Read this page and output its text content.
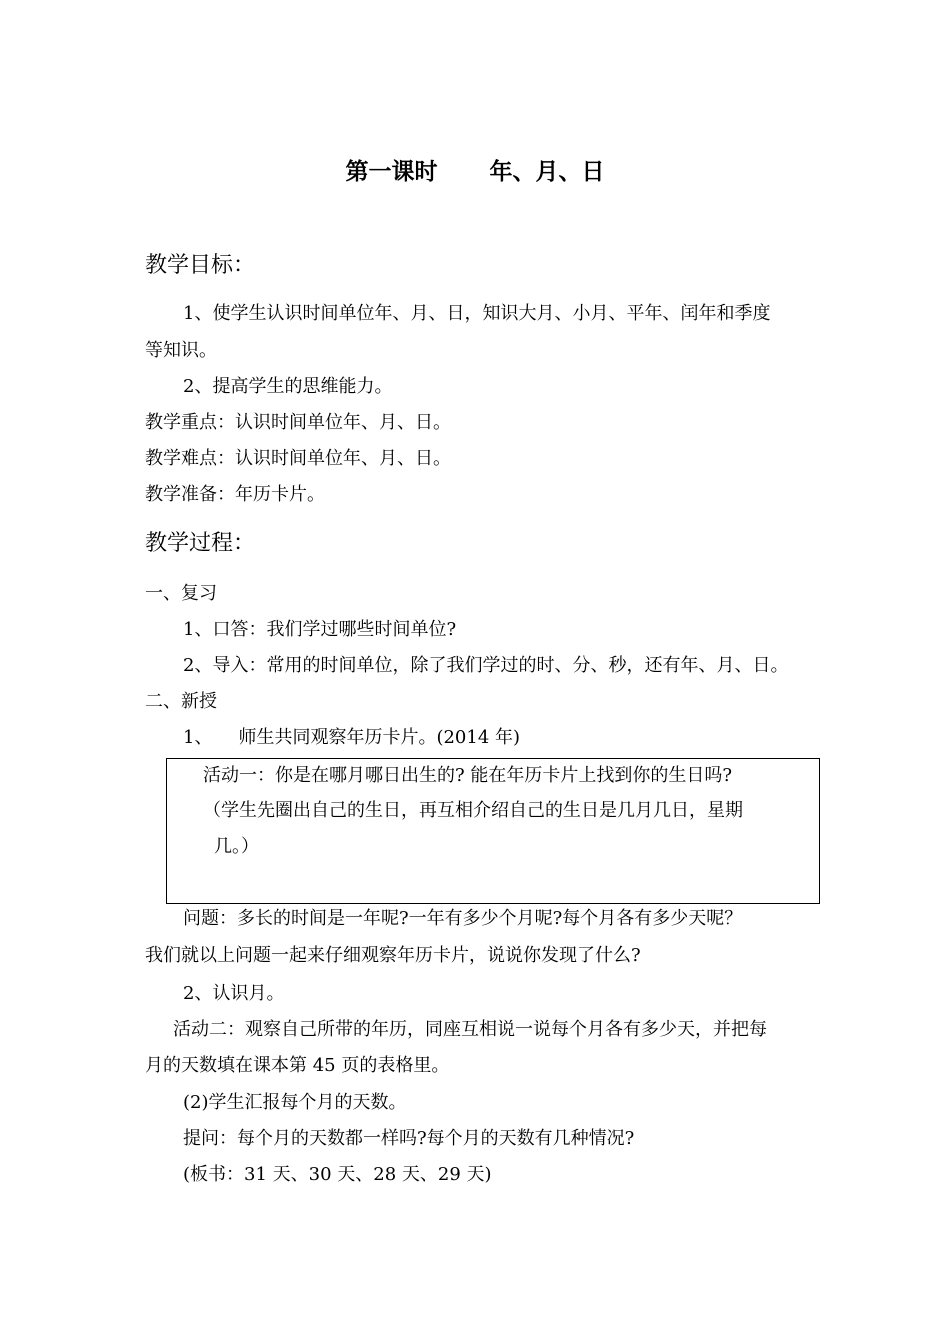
第一课时 年、月、日
教学目标：
1、使学生认识时间单位年、月、日，知识大月、小月、平年、闰年和季度
等知识。
2、提高学生的思维能力。
教学重点：认识时间单位年、月、日。
教学难点：认识时间单位年、月、日。
教学准备：年历卡片。
教学过程：
一、复习
1、口答：我们学过哪些时间单位?
2、导入：常用的时间单位，除了我们学过的时、分、秒，还有年、月、日。
二、新授
1、 师生共同观察年历卡片。(2014 年)
活动一：你是在哪月哪日出生的? 能在年历卡片上找到你的生日吗?
（学生先圈出自己的生日，再互相介绍自己的生日是几月几日，星期
几。）
问题：多长的时间是一年呢?一年有多少个月呢?每个月各有多少天呢？
我们就以上问题一起来仔细观察年历卡片，说说你发现了什么?
2、认识月。
活动二：观察自己所带的年历，同座互相说一说每个月各有多少天，并把每
月的天数填在课本第 45 页的表格里。
(2)学生汇报每个月的天数。
提问：每个月的天数都一样吗?每个月的天数有几种情况?
(板书：31 天、30 天、28 天、29 天)
